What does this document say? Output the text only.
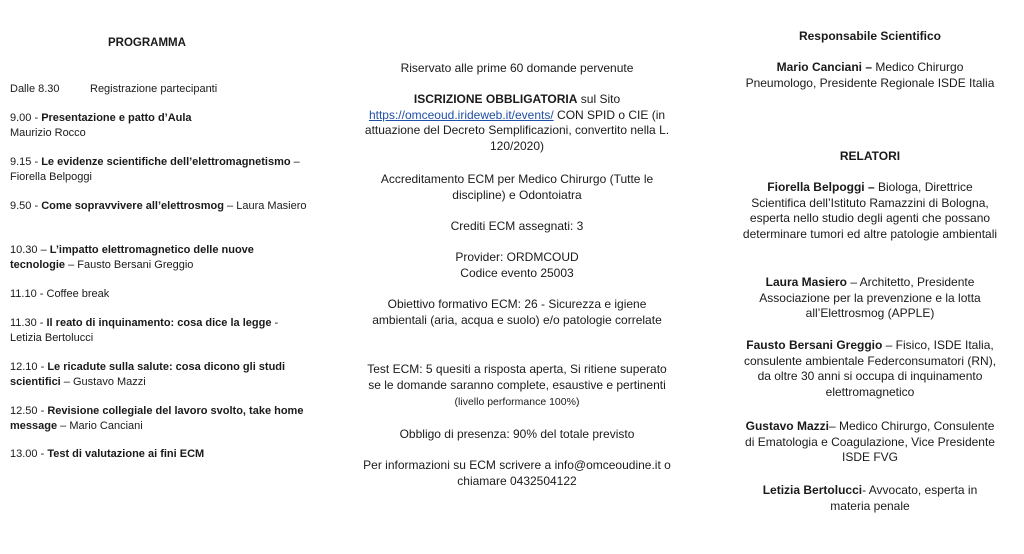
PROGRAMMA
Dalle 8.30	Registrazione partecipanti
9.00 - Presentazione e patto d’Aula
Maurizio Rocco
9.15 - Le evidenze scientifiche dell’elettromagnetismo – Fiorella Belpoggi
9.50 - Come sopravvivere all’elettrosmog – Laura Masiero
10.30 – L’impatto elettromagnetico delle nuove tecnologie – Fausto Bersani Greggio
11.10 - Coffee break
11.30 - Il reato di inquinamento: cosa dice la legge - Letizia Bertolucci
12.10 - Le ricadute sulla salute: cosa dicono gli studi scientifici – Gustavo Mazzi
12.50 - Revisione collegiale del lavoro svolto, take home message – Mario Canciani
13.00 - Test di valutazione ai fini ECM
Riservato alle prime 60 domande pervenute
ISCRIZIONE OBBLIGATORIA sul Sito
https://omceoud.irideweb.it/events/ CON SPID o CIE (in attuazione del Decreto Semplificazioni, convertito nella L. 120/2020)
Accreditamento ECM per Medico Chirurgo (Tutte le discipline) e Odontoiatra
Crediti ECM assegnati: 3
Provider: ORDMCOUD
Codice evento 25003
Obiettivo formativo ECM: 26 - Sicurezza e igiene ambientali (aria, acqua e suolo) e/o patologie correlate
Test ECM: 5 quesiti a risposta aperta, Si ritiene superato se le domande saranno complete, esaustive e pertinenti (livello performance 100%)
Obbligo di presenza: 90% del totale previsto
Per informazioni su ECM scrivere a info@omceoudine.it o chiamare 0432504122
Responsabile Scientifico
Mario Canciani – Medico Chirurgo Pneumologo, Presidente Regionale ISDE Italia
RELATORI
Fiorella Belpoggi – Biologa, Direttrice Scientifica dell’Istituto Ramazzini di Bologna, esperta nello studio degli agenti che possano determinare tumori ed altre patologie ambientali
Laura Masiero – Architetto, Presidente Associazione per la prevenzione e la lotta all’Elettrosmog (APPLE)
Fausto Bersani Greggio – Fisico, ISDE Italia, consulente ambientale Federconsumatori (RN), da oltre 30 anni si occupa di inquinamento elettromagnetico
Gustavo Mazzi– Medico Chirurgo, Consulente di Ematologia e Coagulazione, Vice Presidente ISDE FVG
Letizia Bertolucci- Avvocato, esperta in materia penale
